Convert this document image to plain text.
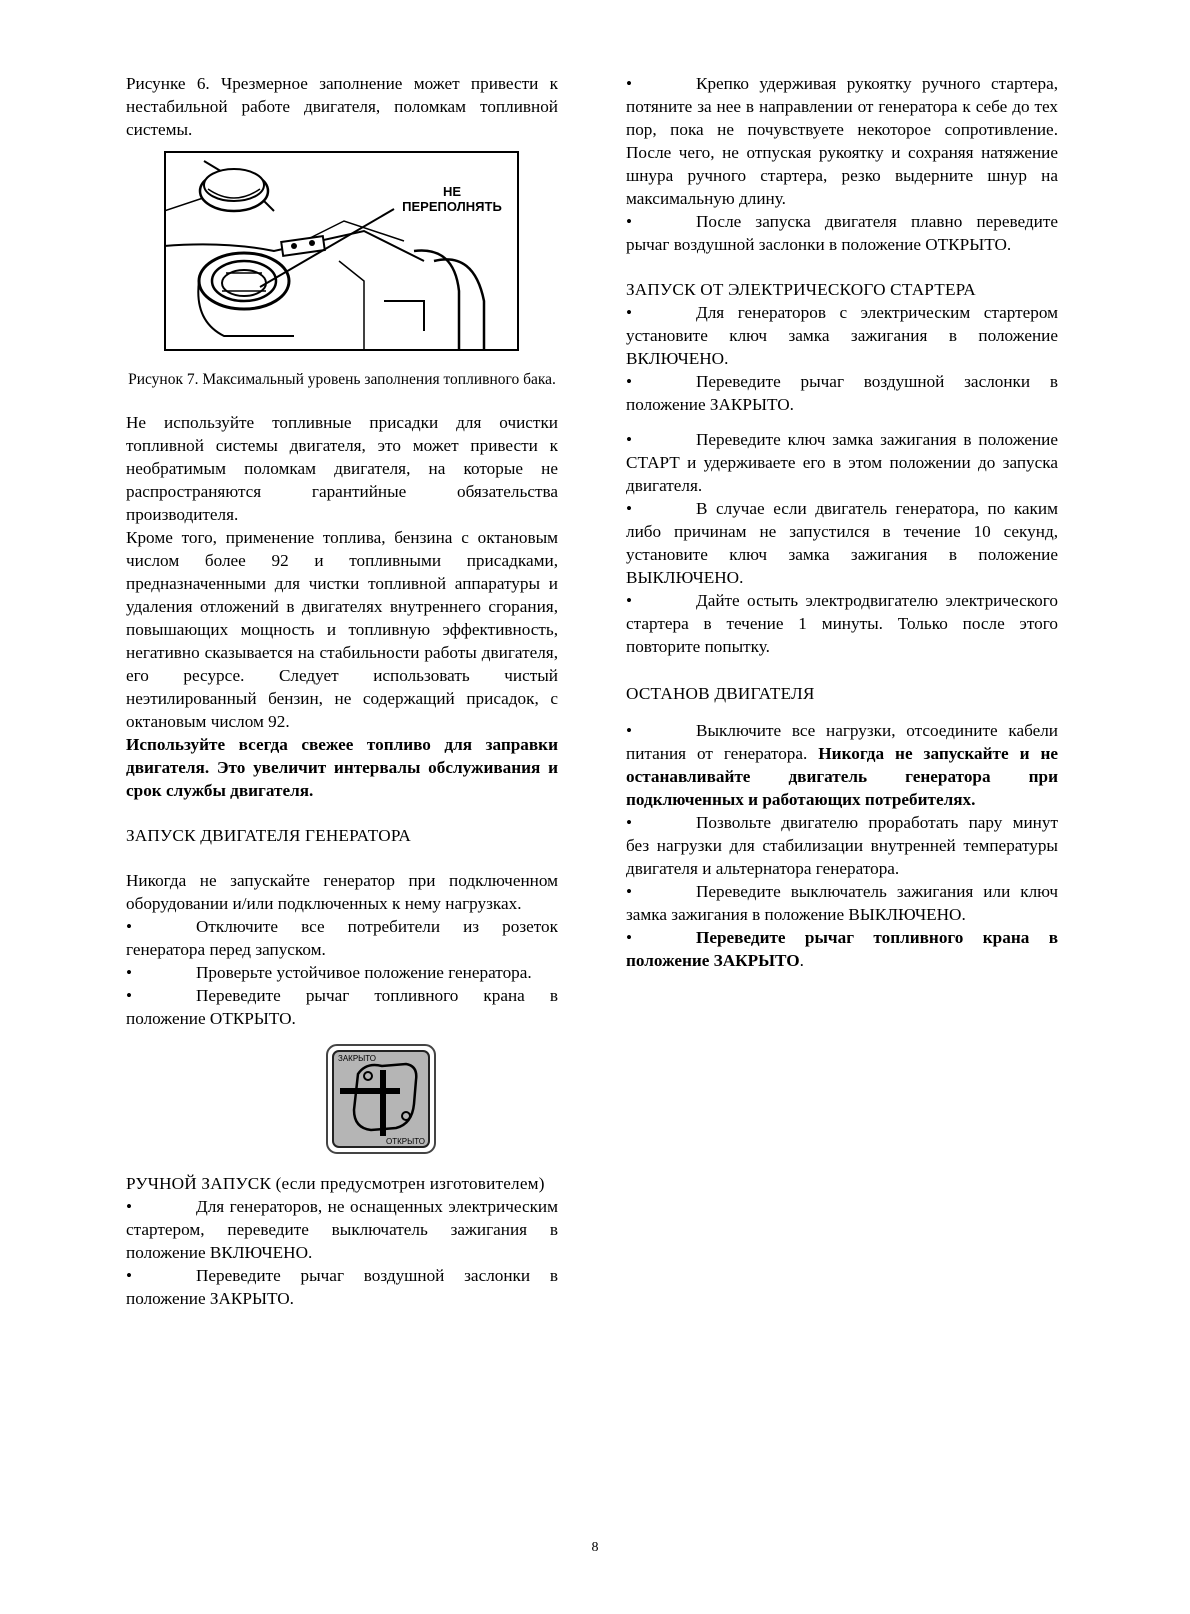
Рисунке 6. Чрезмерное заполнение может привести к нестабильной работе двигателя, поломкам топливной системы.

НЕ
ПЕРЕПОЛНЯТЬ

Рисунок 7. Максимальный уровень заполнения топливного бака.

Не используйте топливные присадки для очистки топливной системы двигателя, это может привести к необратимым поломкам двигателя, на которые не распространяются гарантийные обязательства производителя.

Кроме того, применение топлива, бензина с октановым числом более 92 и топливными присадками, предназначенными для чистки топливной аппаратуры и удаления отложений в двигателях внутреннего сгорания, повышающих мощность и топливную эффективность, негативно сказывается на стабильности работы двигателя, его ресурсе. Следует использовать чистый неэтилированный бензин, не содержащий присадок, с октановым числом 92.

Используйте всегда свежее топливо для заправки двигателя. Это увеличит интервалы обслуживания и срок службы двигателя.

ЗАПУСК ДВИГАТЕЛЯ ГЕНЕРАТОРА

Никогда не запускайте генератор при подключенном оборудовании и/или подключенных к нему нагрузках.

• Отключите все потребители из розеток генератора перед запуском.

• Проверьте устойчивое положение генератора.

• Переведите рычаг топливного крана в положение ОТКРЫТО.

ЗАКРЫТО
ОТКРЫТО

РУЧНОЙ ЗАПУСК (если предусмотрен изготовителем)

• Для генераторов, не оснащенных электрическим стартером, переведите выключатель зажигания в положение ВКЛЮЧЕНО.

• Переведите рычаг воздушной заслонки в положение ЗАКРЫТО.

• Крепко удерживая рукоятку ручного стартера, потяните за нее в направлении от генератора к себе до тех пор, пока не почувствуете некоторое сопротивление. После чего, не отпуская рукоятку и сохраняя натяжение шнура ручного стартера, резко выдерните шнур на максимальную длину.

• После запуска двигателя плавно переведите рычаг воздушной заслонки в положение ОТКРЫТО.

ЗАПУСК ОТ ЭЛЕКТРИЧЕСКОГО СТАРТЕРА

• Для генераторов с электрическим стартером установите ключ замка зажигания в положение ВКЛЮЧЕНО.

• Переведите рычаг воздушной заслонки в положение ЗАКРЫТО.

• Переведите ключ замка зажигания в положение СТАРТ и удерживаете его в этом положении до запуска двигателя.

• В случае если двигатель генератора, по каким либо причинам не запустился в течение 10 секунд, установите ключ замка зажигания в положение ВЫКЛЮЧЕНО.

• Дайте остыть электродвигателю электрического стартера в течение 1 минуты. Только после этого повторите попытку.

ОСТАНОВ ДВИГАТЕЛЯ

• Выключите все нагрузки, отсоедините кабели питания от генератора. Никогда не запускайте и не останавливайте двигатель генератора при подключенных и работающих потребителях.

• Позвольте двигателю проработать пару минут без нагрузки для стабилизации внутренней температуры двигателя и альтернатора генератора.

• Переведите выключатель зажигания или ключ замка зажигания в положение ВЫКЛЮЧЕНО.

• Переведите рычаг топливного крана в положение ЗАКРЫТО.

8
